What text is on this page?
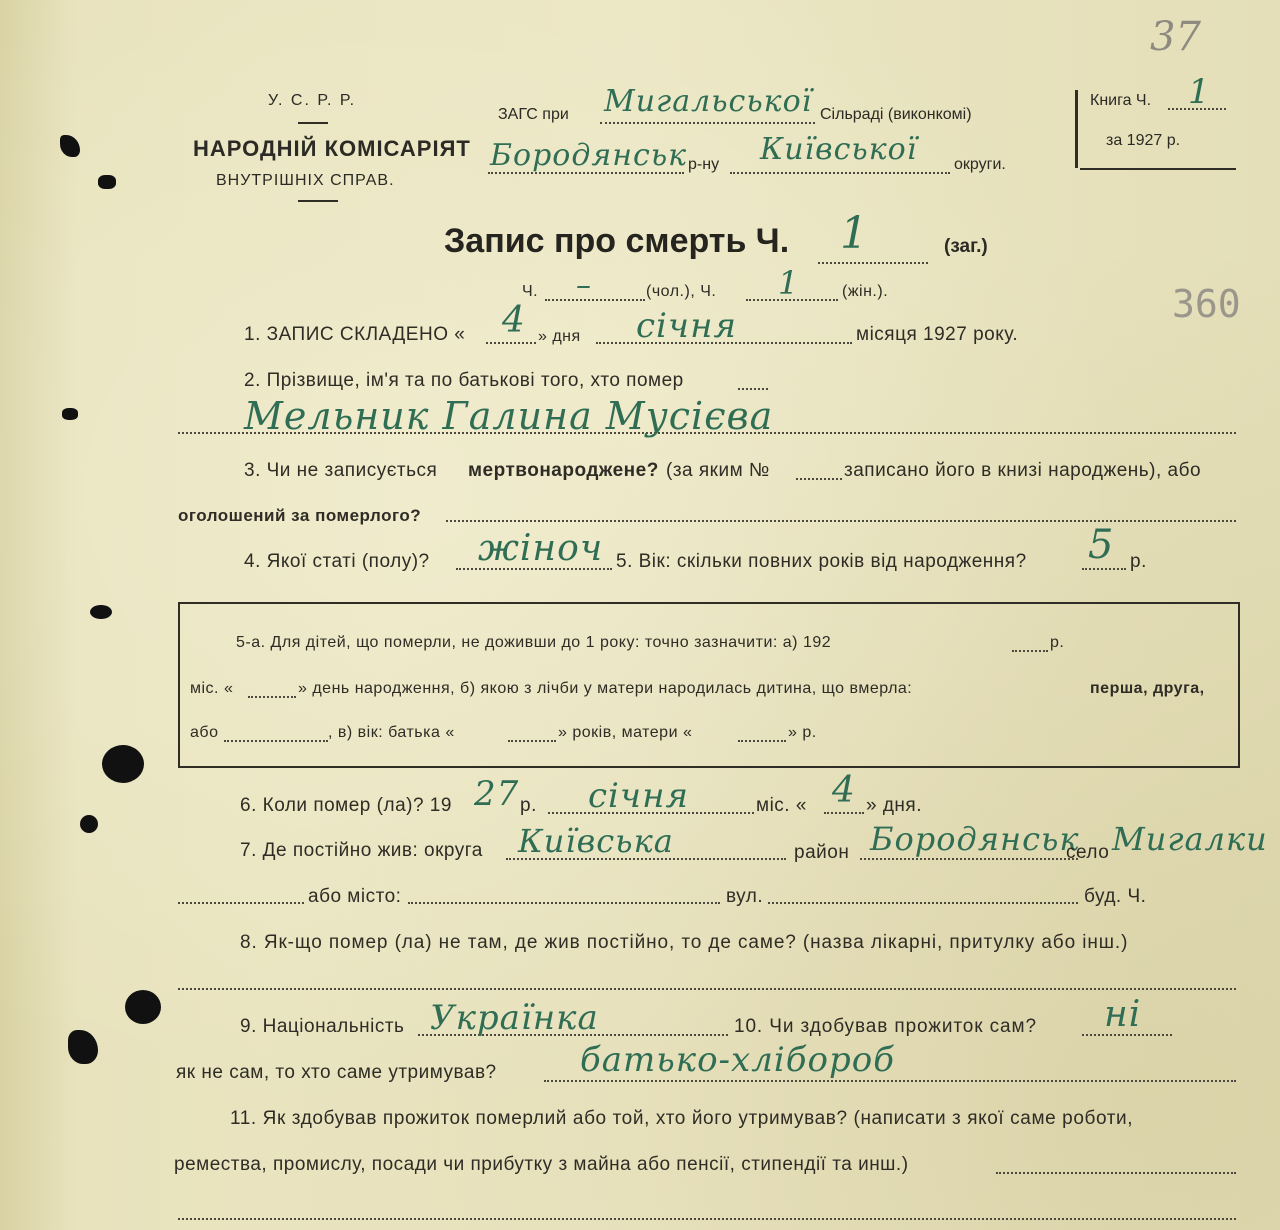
37
360
У. С. Р. Р.
НАРОДНІЙ КОМІСАРІЯТ
ВНУТРІШНІХ СПРАВ.
ЗАГС при Мигальської Сільраді (виконкомі)
Бородянськ р-ну Київської округи.
Книга Ч. 1
за 1927 р.
Запис про смерть Ч. 1	(заг.)
Ч. –	(чол.), Ч. 1	(жін.).
1. ЗАПИС СКЛАДЕНО « 4 » дня січня	місяця 1927 року.
2. Прізвище, ім'я та по батькові того, хто помер
Мельник Галина Мусієва
3. Чи не записується мертвонароджене? (за яким №	записано його в книзі народжень), або
оголошений за померлого?
4. Якої статі (полу)? жіноч 5. Вік: скільки повних років від народження? 5 р.
5-а. Для дітей, що померли, не доживши до 1 року: точно зазначити: а) 192	р.
міс. «	» день народження, б) якою з лічби у матери народилась дитина, що вмерла:	перша, друга,
або	, в) вік: батька «	» років, матери «	» р.
6. Коли помер (ла)? 19 27 р. січня	міс. « 4 » дня.
7. Де постійно жив: округа Київська	район Бородянськ
село Мигалки
або місто:	вул.	буд. Ч.
8. Як-що помер (ла) не там, де жив постійно, то де саме? (назва лікарні, притулку або інш.)
9. Національність Українка	10. Чи здобував прожиток сам? ні
як не сам, то хто саме утримував? батько-хлібороб
11. Як здобував прожиток померлий або той, хто його утримував? (написати з якої саме роботи,
ремества, промислу, посади чи прибутку з майна або пенсії, стипендії та инш.)
